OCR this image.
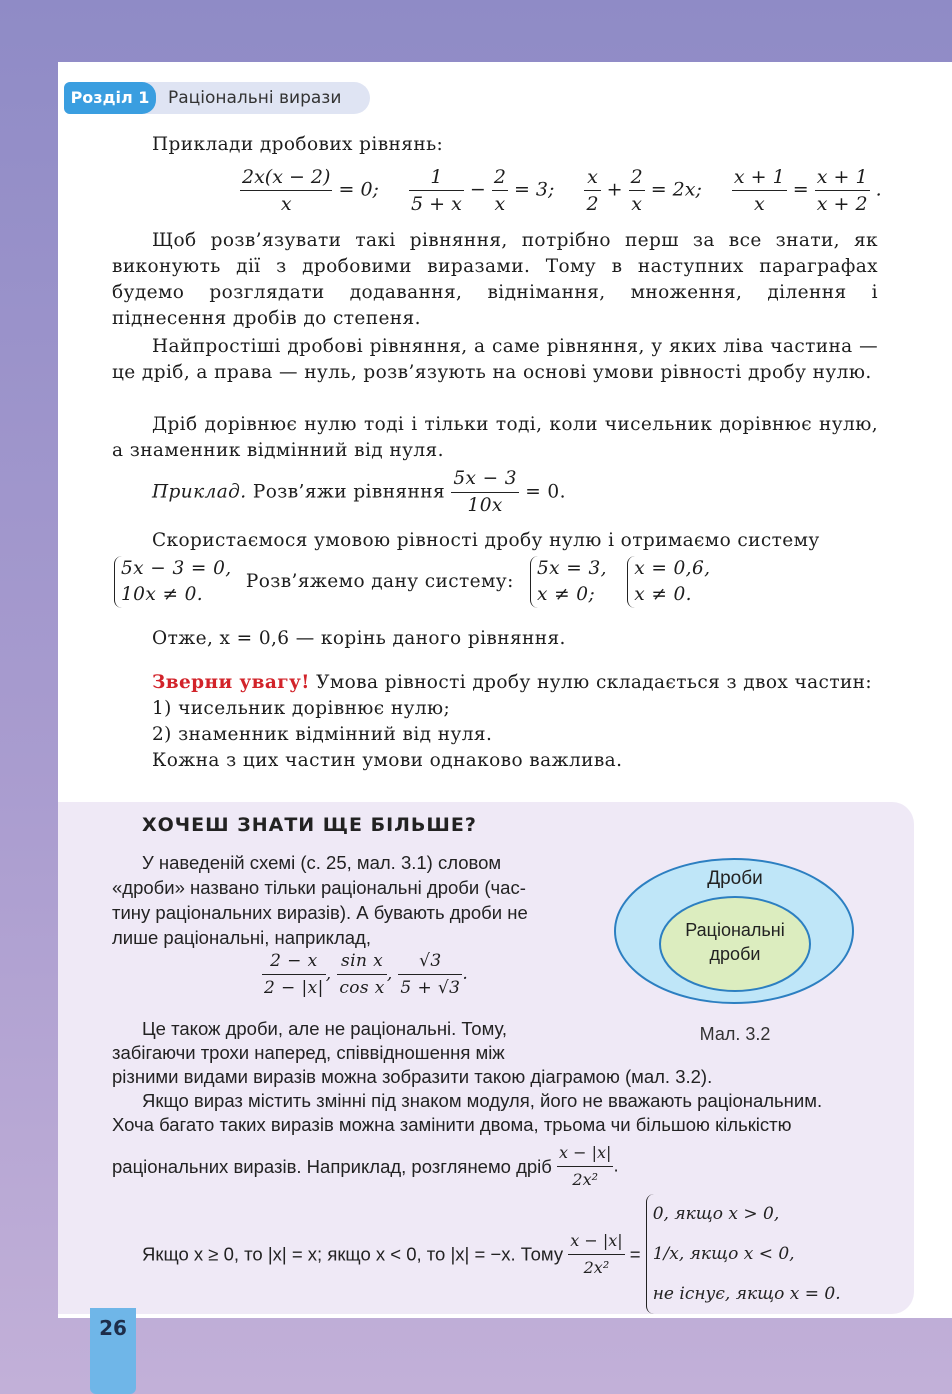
Розділ 1	Раціональні вирази
Приклади дробових рівнянь:
$\frac{2x(x - 2)}{x} = 0$; $\frac{1}{5 + x} - \frac{2}{x} = 3$; $\frac{x}{2} + \frac{2}{x} = 2x$; $\frac{x + 1}{x} = \frac{x + 1}{x + 2}$ .
Щоб розв’язувати такі рівняння, потрібно перш за все знати, як виконують дії з дробовими виразами. Тому в наступних параграфах будемо розглядати додавання, віднімання, множення, ділення і піднесення дробів до степеня.
Найпростіші дробові рівняння, а саме рівняння, у яких ліва частина — це дріб, а права — нуль, розв’язують на основі умови рівності дробу нулю.
Дріб дорівнює нулю тоді і тільки тоді, коли чисельник дорівнює нулю, а знаменник відмінний від нуля.
Приклад. Розв’яжи рівняння $\frac{5x - 3}{10x} = 0$.
Скористаємося умовою рівності дробу нулю і отримаємо систему
5x − 3 = 0,
10x ≠ 0. Розв’яжемо дану систему: 5x = 3,
x ≠ 0; x = 0,6,
x ≠ 0.
Отже, x = 0,6 — корінь даного рівняння.
Зверни увагу! Умова рівності дробу нулю складається з двох частин:
1) чисельник дорівнює нулю;
2) знаменник відмінний від нуля.
Кожна з цих частин умови однаково важлива.
ХОЧЕШ ЗНАТИ ЩЕ БІЛЬШЕ?
У наведеній схемі (с. 25, мал. 3.1) словом
«дроби» названо тільки раціональні дроби (час-
тину раціональних виразів). А бувають дроби не
лише раціональні, наприклад,
$\frac{2 - x}{2 - |x|}$ , $\frac{\text{sin x}}{\text{cos x}}$ , $\frac{√3}{5 + √3}$ .
Це також дроби, але не раціональні. Тому,
забігаючи трохи наперед, співвідношення між
різними видами виразів можна зобразити такою діаграмою (мал. 3.2).
Якщо вираз містить змінні під знаком модуля, його не вважають раціональним.
Хоча багато таких виразів можна замінити двома, трьома чи більшою кількістю
раціональних виразів. Наприклад, розглянемо дріб $\frac{x - |x|}{\text{2x²}}$ .
Якщо x ≥ 0, то |x| = x; якщо x < 0, то |x| = −x. Тому $\frac{x - |x|}{\text{2x²}} = 0$, якщо x > 0,
1/x, якщо x < 0,
не існує, якщо x = 0.
Дроби
Раціональні
дроби
Мал. 3.2
26
